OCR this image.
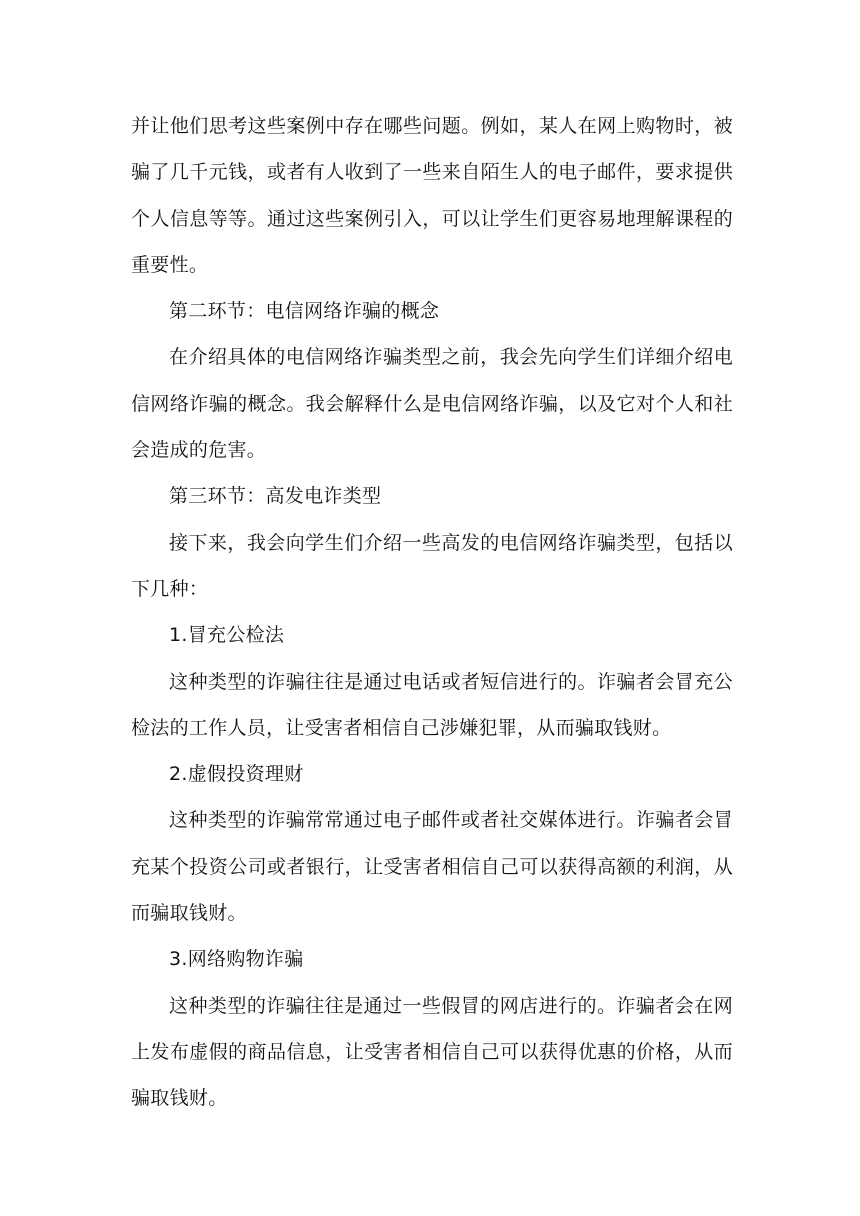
并让他们思考这些案例中存在哪些问题。例如，某人在网上购物时，被骗了几千元钱，或者有人收到了一些来自陌生人的电子邮件，要求提供个人信息等等。通过这些案例引入，可以让学生们更容易地理解课程的重要性。

第二环节：电信网络诈骗的概念

在介绍具体的电信网络诈骗类型之前，我会先向学生们详细介绍电信网络诈骗的概念。我会解释什么是电信网络诈骗，以及它对个人和社会造成的危害。

第三环节：高发电诈类型

接下来，我会向学生们介绍一些高发的电信网络诈骗类型，包括以下几种：

1.冒充公检法

这种类型的诈骗往往是通过电话或者短信进行的。诈骗者会冒充公检法的工作人员，让受害者相信自己涉嫌犯罪，从而骗取钱财。

2.虚假投资理财

这种类型的诈骗常常通过电子邮件或者社交媒体进行。诈骗者会冒充某个投资公司或者银行，让受害者相信自己可以获得高额的利润，从而骗取钱财。

3.网络购物诈骗

这种类型的诈骗往往是通过一些假冒的网店进行的。诈骗者会在网上发布虚假的商品信息，让受害者相信自己可以获得优惠的价格，从而骗取钱财。
